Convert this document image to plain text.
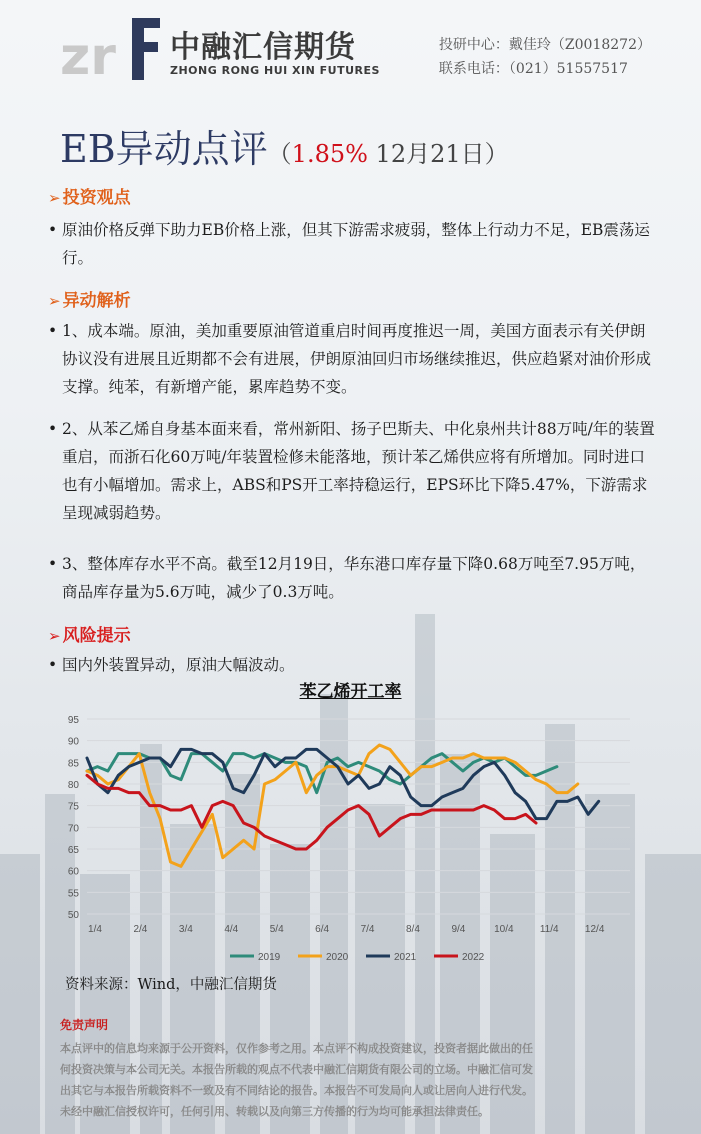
zr 中融汇信期货
ZHONG RONG HUI XIN FUTURES
投研中心：戴佳玲（Z0018272）
联系电话：（021）51557517
EB异动点评（1.85% 12月21日）
➢ 投资观点
• 原油价格反弹下助力EB价格上涨，但其下游需求疲弱，整体上行动力不足，EB震荡运行。
➢ 异动解析
• 1、成本端。原油，美加重要原油管道重启时间再度推迟一周，美国方面表示有关伊朗协议没有进展且近期都不会有进展，伊朗原油回归市场继续推迟，供应趋紧对油价形成支撑。纯苯，有新增产能，累库趋势不变。
• 2、从苯乙烯自身基本面来看，常州新阳、扬子巴斯夫、中化泉州共计88万吨/年的装置重启，而浙石化60万吨/年装置检修未能落地，预计苯乙烯供应将有所增加。同时进口也有小幅增加。需求上，ABS和PS开工率持稳运行，EPS环比下降5.47%，下游需求呈现减弱趋势。
• 3、整体库存水平不高。截至12月19日，华东港口库存量下降0.68万吨至7.95万吨，商品库存量为5.6万吨，减少了0.3万吨。
➢ 风险提示
• 国内外装置异动，原油大幅波动。
苯乙烯开工率
50
55
60
65
70
75
80
85
90
95
1/4	2/4	3/4	4/4	5/4	6/4	7/4	8/4	9/4	10/4	11/4	12/4
2019	2020	2021	2022
资料来源：Wind，中融汇信期货
免责声明
本点评中的信息均来源于公开资料，仅作参考之用。本点评不构成投资建议，投资者据此做出的任
何投资决策与本公司无关。本报告所载的观点不代表中融汇信期货有限公司的立场。中融汇信可发
出其它与本报告所载资料不一致及有不同结论的报告。本报告不可发局向人或让居向人进行代发。
未经中融汇信授权许可，任何引用、转载以及向第三方传播的行为均可能承担法律责任。
